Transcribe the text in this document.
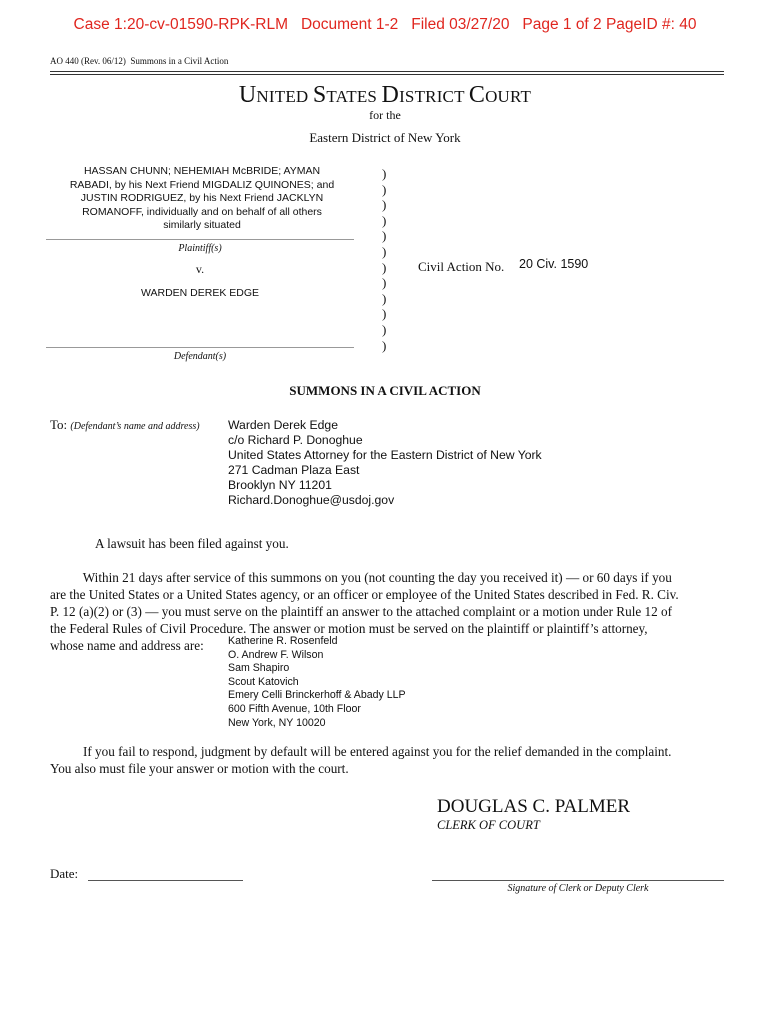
Case 1:20-cv-01590-RPK-RLM   Document 1-2   Filed 03/27/20   Page 1 of 2 PageID #: 40
AO 440 (Rev. 06/12)  Summons in a Civil Action
UNITED STATES DISTRICT COURT
for the
Eastern District of New York
HASSAN CHUNN; NEHEMIAH McBRIDE; AYMAN
RABADI, by his Next Friend MIGDALIZ QUINONES; and
JUSTIN RODRIGUEZ, by his Next Friend JACKLYN
ROMANOFF, individually and on behalf of all others
similarly situated
Plaintiff(s)
v.
WARDEN DEREK EDGE
Defendant(s)
)
)
)
)
)
)
)
)
)
)
)
)
Civil Action No. 20 Civ. 1590
SUMMONS IN A CIVIL ACTION
To: (Defendant’s name and address) Warden Derek Edge
c/o Richard P. Donoghue
United States Attorney for the Eastern District of New York
271 Cadman Plaza East
Brooklyn NY 11201
Richard.Donoghue@usdoj.gov
A lawsuit has been filed against you.
Within 21 days after service of this summons on you (not counting the day you received it) — or 60 days if you
are the United States or a United States agency, or an officer or employee of the United States described in Fed. R. Civ.
P. 12 (a)(2) or (3) — you must serve on the plaintiff an answer to the attached complaint or a motion under Rule 12 of
the Federal Rules of Civil Procedure. The answer or motion must be served on the plaintiff or plaintiff’s attorney,
whose name and address are:	Katherine R. Rosenfeld
O. Andrew F. Wilson
Sam Shapiro
Scout Katovich
Emery Celli Brinckerhoff & Abady LLP
600 Fifth Avenue, 10th Floor
New York, NY 10020
If you fail to respond, judgment by default will be entered against you for the relief demanded in the complaint.
You also must file your answer or motion with the court.
DOUGLAS C. PALMER
CLERK OF COURT
Date:
Signature of Clerk or Deputy Clerk
